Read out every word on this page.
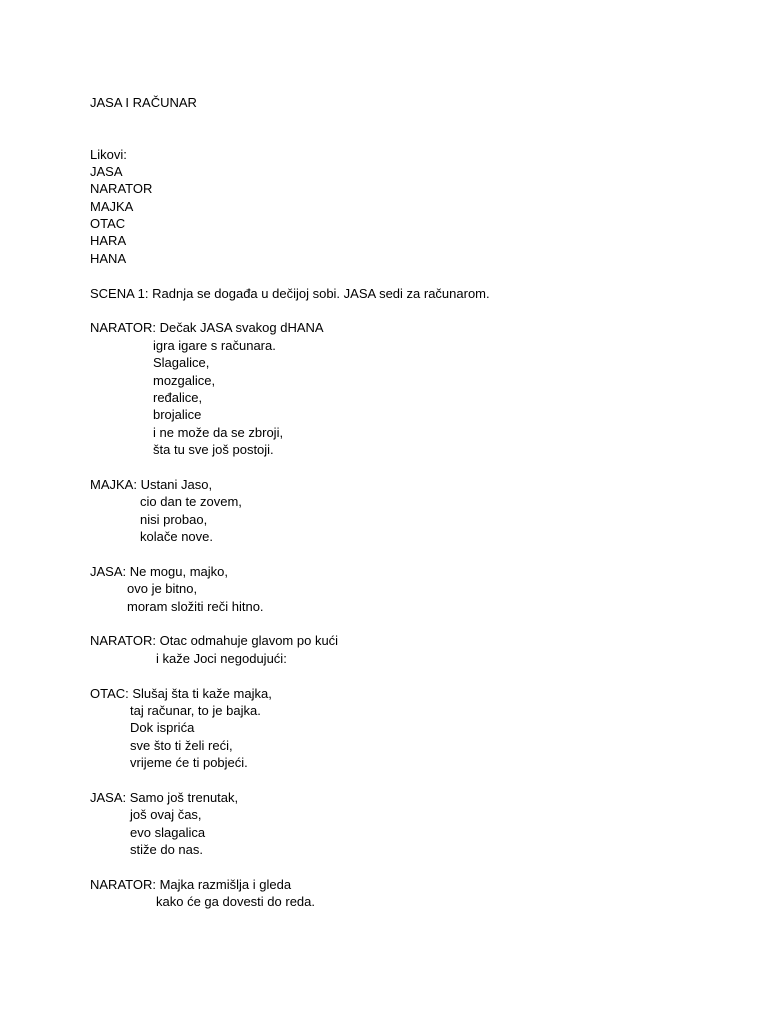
JASA I RAČUNAR
Likovi:
JASA
NARATOR
MAJKA
OTAC
HARA
HANA
SCENA 1: Radnja se događa u dečijoj sobi. JASA sedi za računarom.
NARATOR: Dečak JASA svakog dHANA
igra igare s računara.
Slagalice,
mozgalice,
ređalice,
brojalice
i ne može da se zbroji,
šta tu sve još postoji.
MAJKA: Ustani Jaso,
cio dan te zovem,
nisi probao,
kolače nove.
JASA: Ne mogu, majko,
ovo je bitno,
moram složiti reči hitno.
NARATOR: Otac odmahuje glavom po kući
i kaže Joci negodujući:
OTAC: Slušaj šta ti kaže majka,
taj računar, to je bajka.
Dok isprića
sve što ti želi reći,
vrijeme će ti pobjeći.
JASA: Samo još trenutak,
još ovaj čas,
evo slagalica
stiže do nas.
NARATOR: Majka razmišlja i gleda
kako će ga dovesti do reda.
